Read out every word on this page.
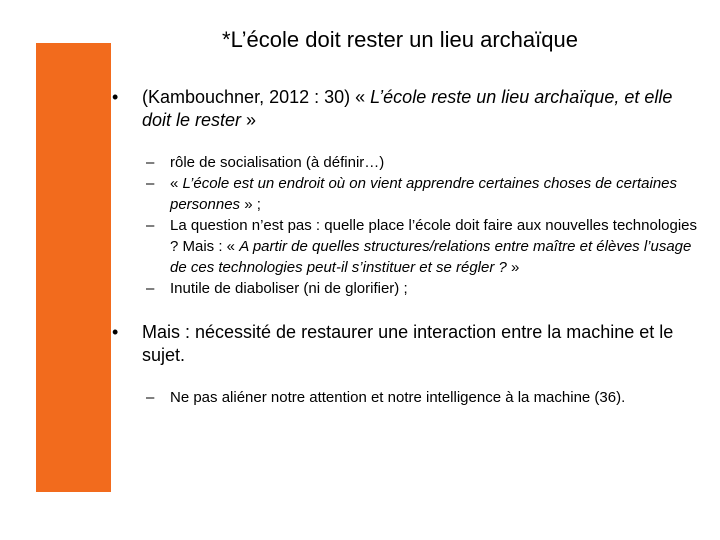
*L’école doit rester un lieu archaïque
•	(Kambouchner, 2012 : 30) « L’école reste un lieu archaïque, et elle doit le rester »
– rôle de socialisation (à définir…)
– « L’école est un endroit où on vient apprendre certaines choses de certaines personnes » ;
– La question n’est pas : quelle place l’école doit faire aux nouvelles technologies ? Mais : « A partir de quelles structures/relations entre maître et élèves l’usage de ces technologies peut-il s’instituer et se régler ? »
– Inutile de diaboliser (ni de glorifier) ;
•	Mais : nécessité de restaurer une interaction entre la machine et le sujet.
– Ne pas aliéner notre attention et notre intelligence à la machine (36).
